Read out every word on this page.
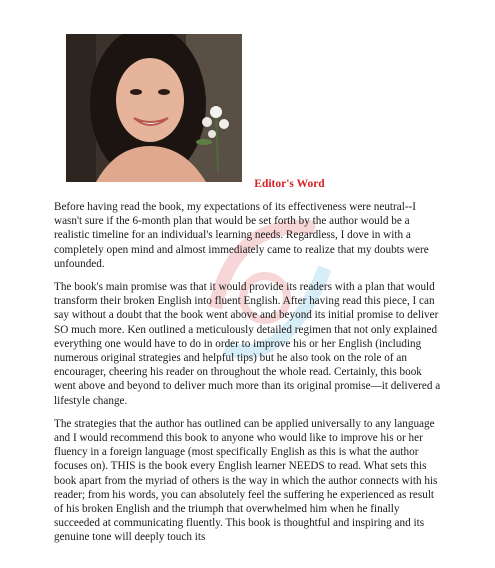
Editor's Word

Before having read the book, my expectations of its effectiveness were neutral--I wasn't sure if the 6-month plan that would be set forth by the author would be a realistic timeline for an individual's learning needs. Regardless, I dove in with a completely open mind and almost immediately came to realize that my doubts were unfounded.

The book's main promise was that it would provide its readers with a plan that would transform their broken English into fluent English. After having read this piece, I can say without a doubt that the book went above and beyond its initial promise to deliver SO much more. Ken outlined a meticulously detailed regimen that not only explained everything one would have to do in order to improve his or her English (including numerous original strategies and helpful tips) but he also took on the role of an encourager, cheering his reader on throughout the whole read. Certainly, this book went above and beyond to deliver much more than its original promise—it delivered a lifestyle change.

The strategies that the author has outlined can be applied universally to any language and I would recommend this book to anyone who would like to improve his or her fluency in a foreign language (most specifically English as this is what the author focuses on). THIS is the book every English learner NEEDS to read. What sets this book apart from the myriad of others is the way in which the author connects with his reader; from his words, you can absolutely feel the suffering he experienced as result of his broken English and the triumph that overwhelmed him when he finally succeeded at communicating fluently. This book is thoughtful and inspiring and its genuine tone will deeply touch its
